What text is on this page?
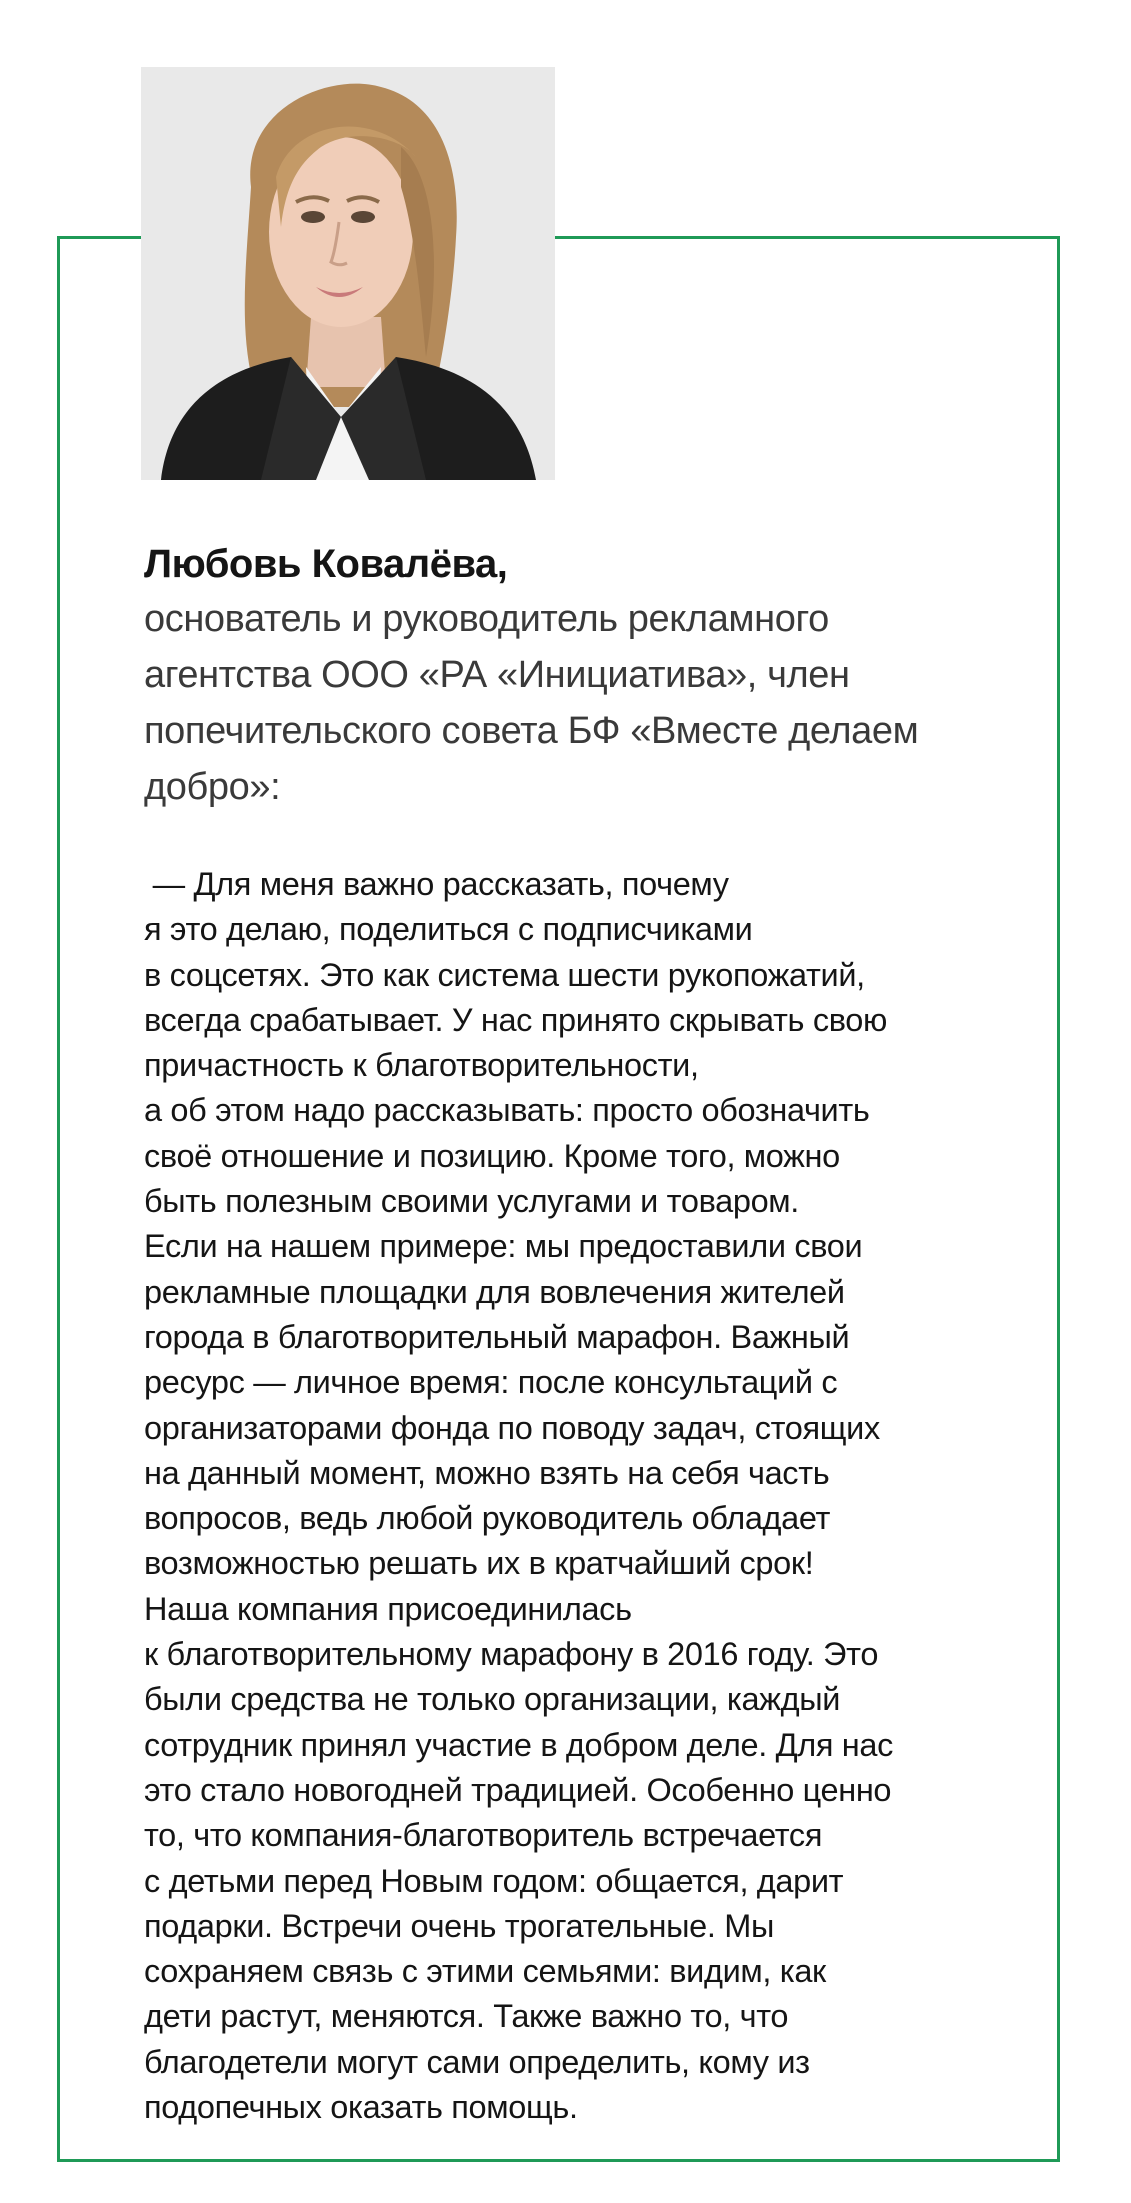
Любовь Ковалёва,

основатель и руководитель рекламного
агентства ООО «РА «Инициатива», член
попечительского совета БФ «Вместе делаем
добро»:

— Для меня важно рассказать, почему
я это делаю, поделиться с подписчиками
в соцсетях. Это как система шести рукопожатий,
всегда срабатывает. У нас принято скрывать свою
причастность к благотворительности,
а об этом надо рассказывать: просто обозначить
своё отношение и позицию. Кроме того, можно
быть полезным своими услугами и товаром.
Если на нашем примере: мы предоставили свои
рекламные площадки для вовлечения жителей
города в благотворительный марафон. Важный
ресурс — личное время: после консультаций с
организаторами фонда по поводу задач, стоящих
на данный момент, можно взять на себя часть
вопросов, ведь любой руководитель обладает
возможностью решать их в кратчайший срок!
Наша компания присоединилась
к благотворительному марафону в 2016 году. Это
были средства не только организации, каждый
сотрудник принял участие в добром деле. Для нас
это стало новогодней традицией. Особенно ценно
то, что компания-благотворитель встречается
с детьми перед Новым годом: общается, дарит
подарки. Встречи очень трогательные. Мы
сохраняем связь с этими семьями: видим, как
дети растут, меняются. Также важно то, что
благодетели могут сами определить, кому из
подопечных оказать помощь.
